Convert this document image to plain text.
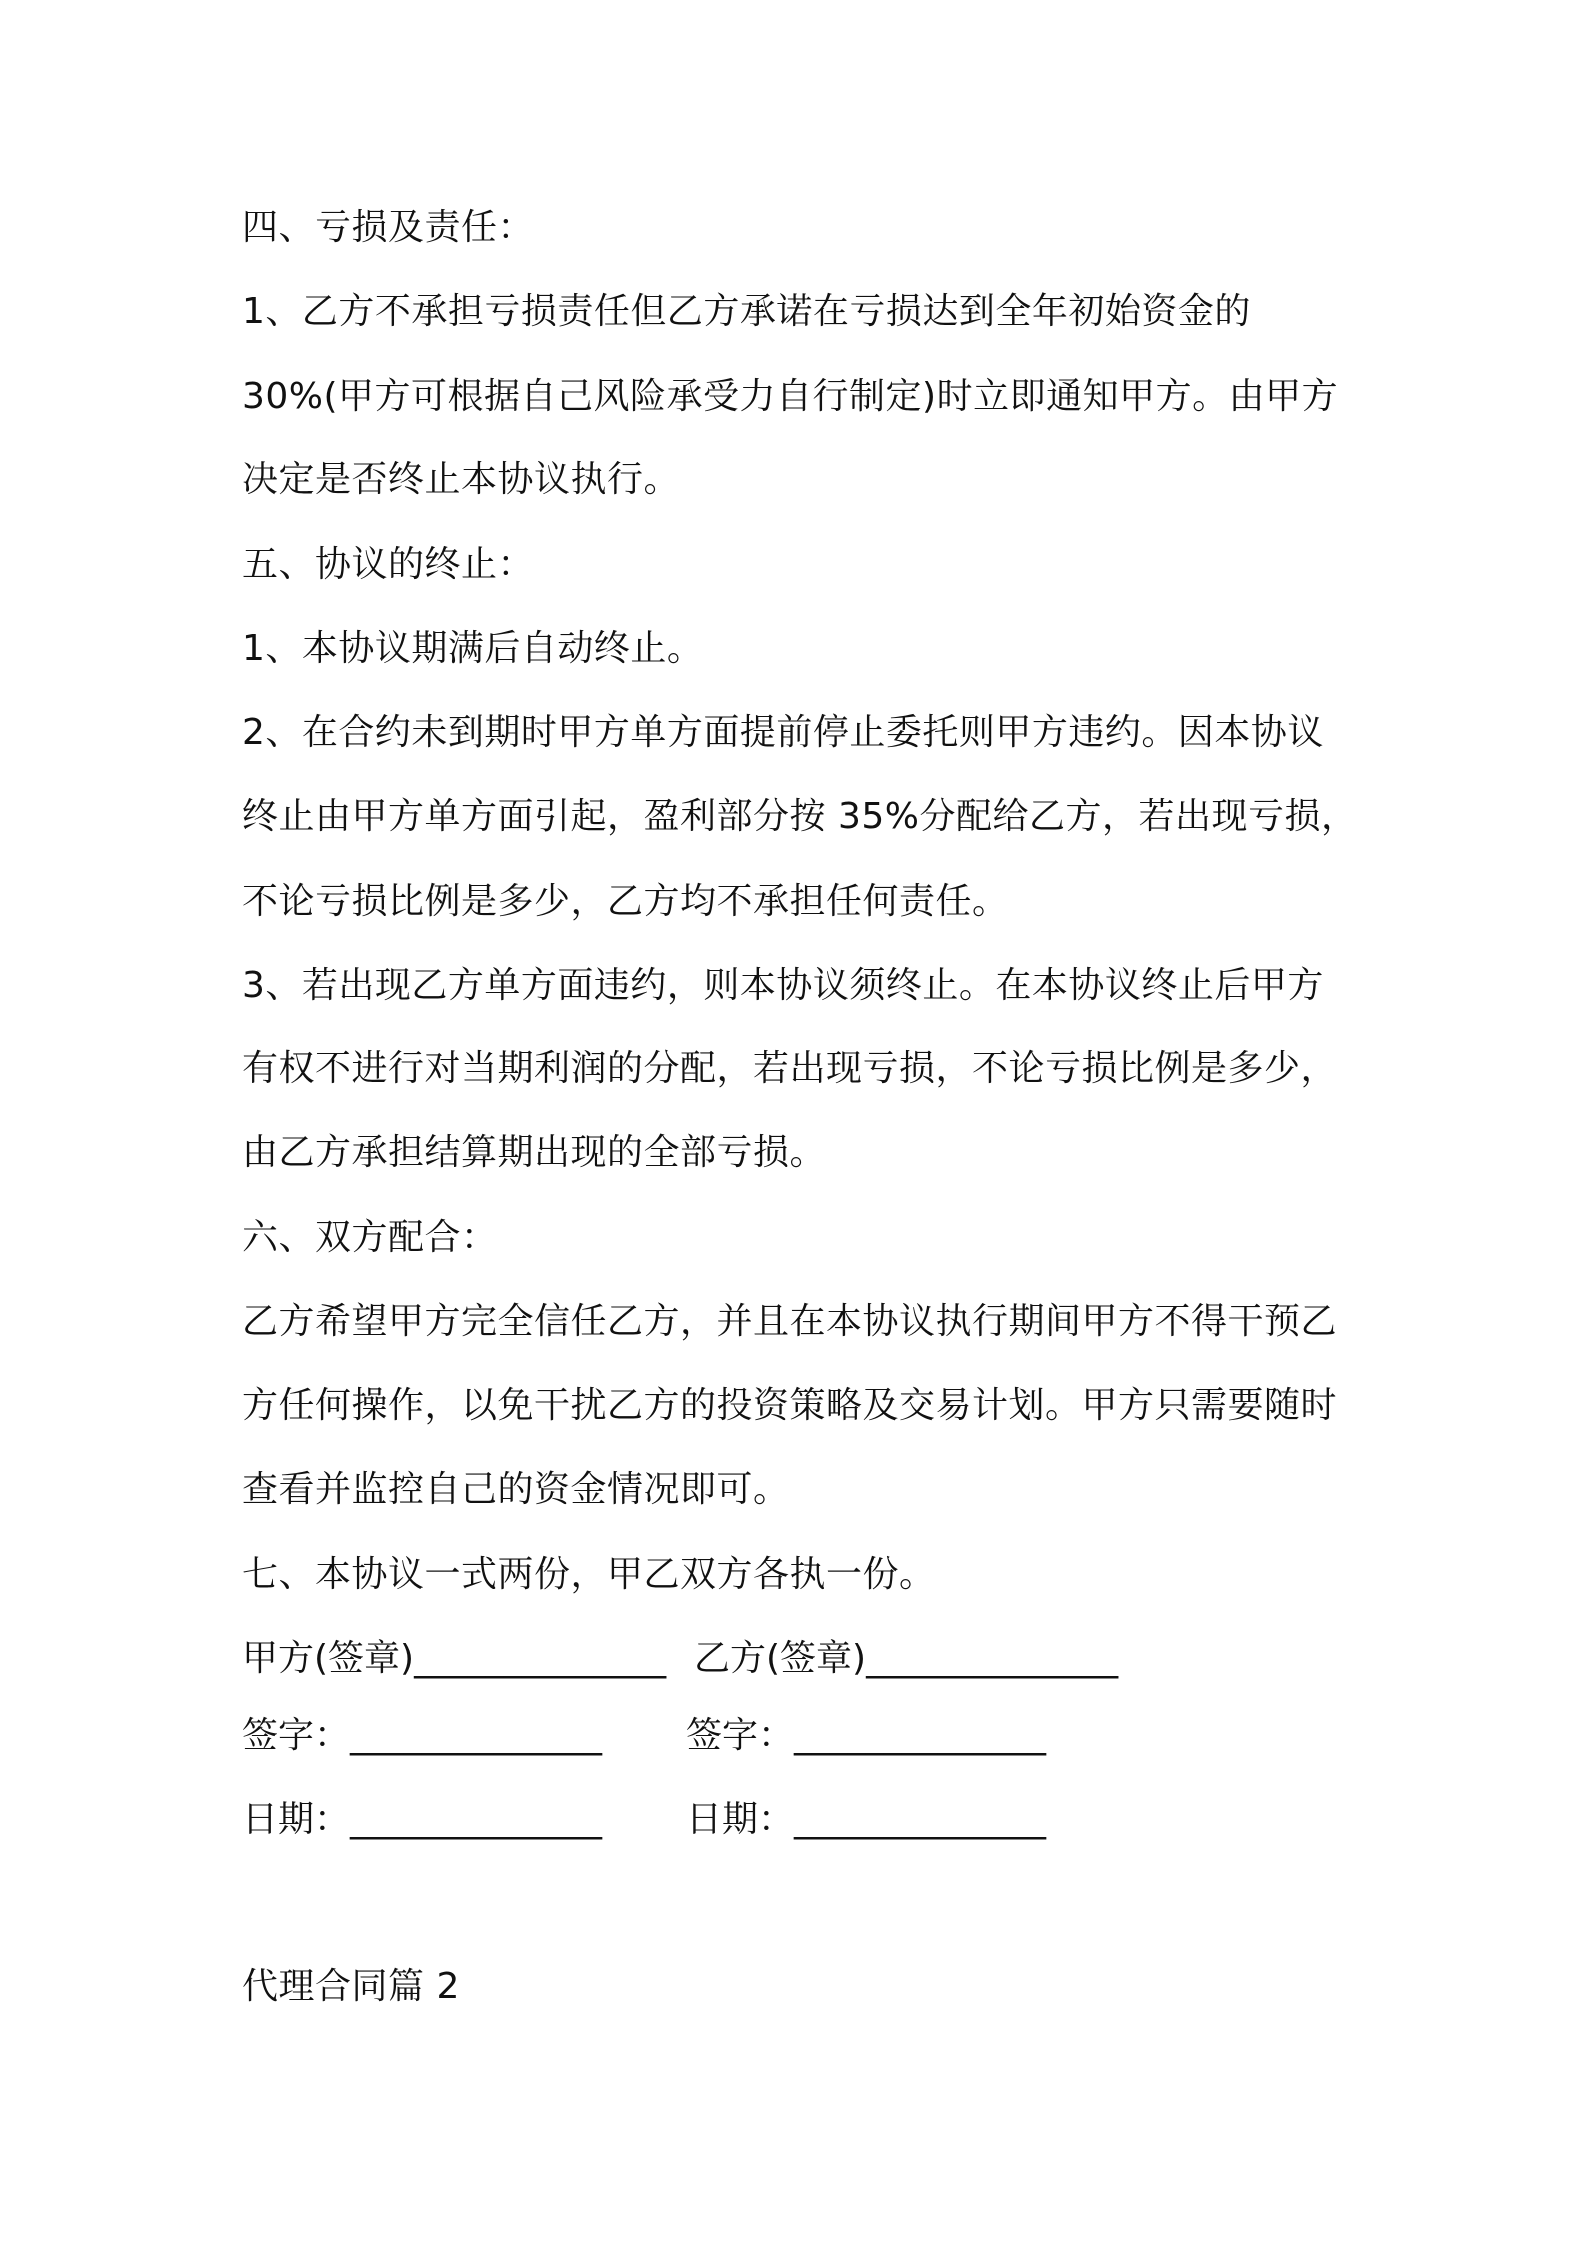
四、亏损及责任：
1、乙方不承担亏损责任但乙方承诺在亏损达到全年初始资金的
30%(甲方可根据自己风险承受力自行制定)时立即通知甲方。由甲方
决定是否终止本协议执行。
五、协议的终止：
1、本协议期满后自动终止。
2、在合约未到期时甲方单方面提前停止委托则甲方违约。因本协议
终止由甲方单方面引起，盈利部分按 35%分配给乙方，若出现亏损，
不论亏损比例是多少，乙方均不承担任何责任。
3、若出现乙方单方面违约，则本协议须终止。在本协议终止后甲方
有权不进行对当期利润的分配，若出现亏损，不论亏损比例是多少，
由乙方承担结算期出现的全部亏损。
六、双方配合：
乙方希望甲方完全信任乙方，并且在本协议执行期间甲方不得干预乙
方任何操作，以免干扰乙方的投资策略及交易计划。甲方只需要随时
查看并监控自己的资金情况即可。
七、本协议一式两份，甲乙双方各执一份。
甲方(签章)______________ 乙方(签章)______________
签字：______________ 签字：______________
日期：______________ 日期：______________
代理合同篇 2
